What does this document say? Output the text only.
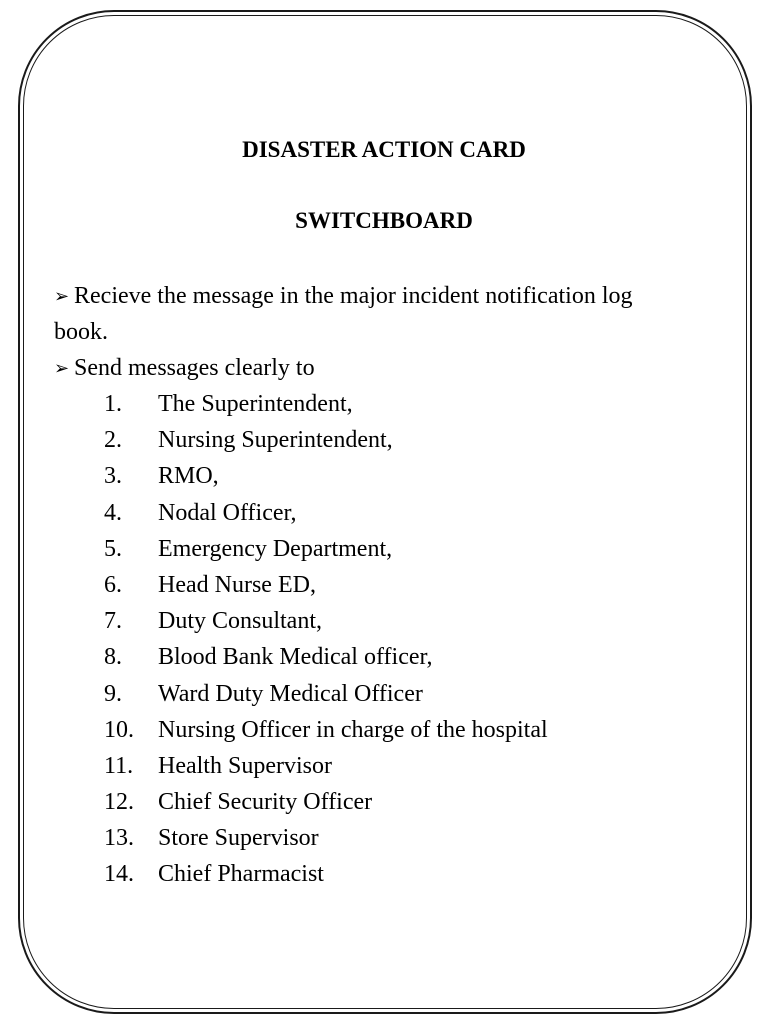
DISASTER ACTION CARD
SWITCHBOARD

➢ Recieve the message in the major incident notification log

book.

➢ Send messages clearly to

1.	The Superintendent,
2.	Nursing Superintendent,
3.	RMO,
4.	Nodal Officer,
5.	Emergency Department,
6.	Head Nurse ED,
7.	Duty Consultant,
8.	Blood Bank Medical officer,
9.	Ward Duty Medical Officer
10.	Nursing Officer in charge of the hospital
11.	Health Supervisor
12.	Chief Security Officer
13.	Store Supervisor
14.	Chief Pharmacist
